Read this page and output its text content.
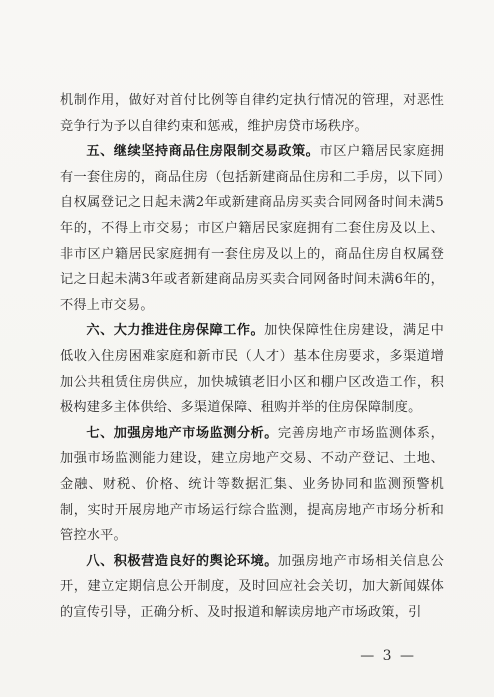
机制作用，做好对首付比例等自律约定执行情况的管理，对恶性竞争行为予以自律约束和惩戒，维护房贷市场秩序。

五、继续坚持商品住房限制交易政策。市区户籍居民家庭拥有一套住房的，商品住房（包括新建商品住房和二手房，以下同）自权属登记之日起未满2年或新建商品房买卖合同网备时间未满5年的，不得上市交易；市区户籍居民家庭拥有二套住房及以上、非市区户籍居民家庭拥有一套住房及以上的，商品住房自权属登记之日起未满3年或者新建商品房买卖合同网备时间未满6年的，不得上市交易。

六、大力推进住房保障工作。加快保障性住房建设，满足中低收入住房困难家庭和新市民（人才）基本住房要求，多渠道增加公共租赁住房供应，加快城镇老旧小区和棚户区改造工作，积极构建多主体供给、多渠道保障、租购并举的住房保障制度。

七、加强房地产市场监测分析。完善房地产市场监测体系，加强市场监测能力建设，建立房地产交易、不动产登记、土地、金融、财税、价格、统计等数据汇集、业务协同和监测预警机制，实时开展房地产市场运行综合监测，提高房地产市场分析和管控水平。

八、积极营造良好的舆论环境。加强房地产市场相关信息公开，建立定期信息公开制度，及时回应社会关切，加大新闻媒体的宣传引导，正确分析、及时报道和解读房地产市场政策，引

— 3 —
